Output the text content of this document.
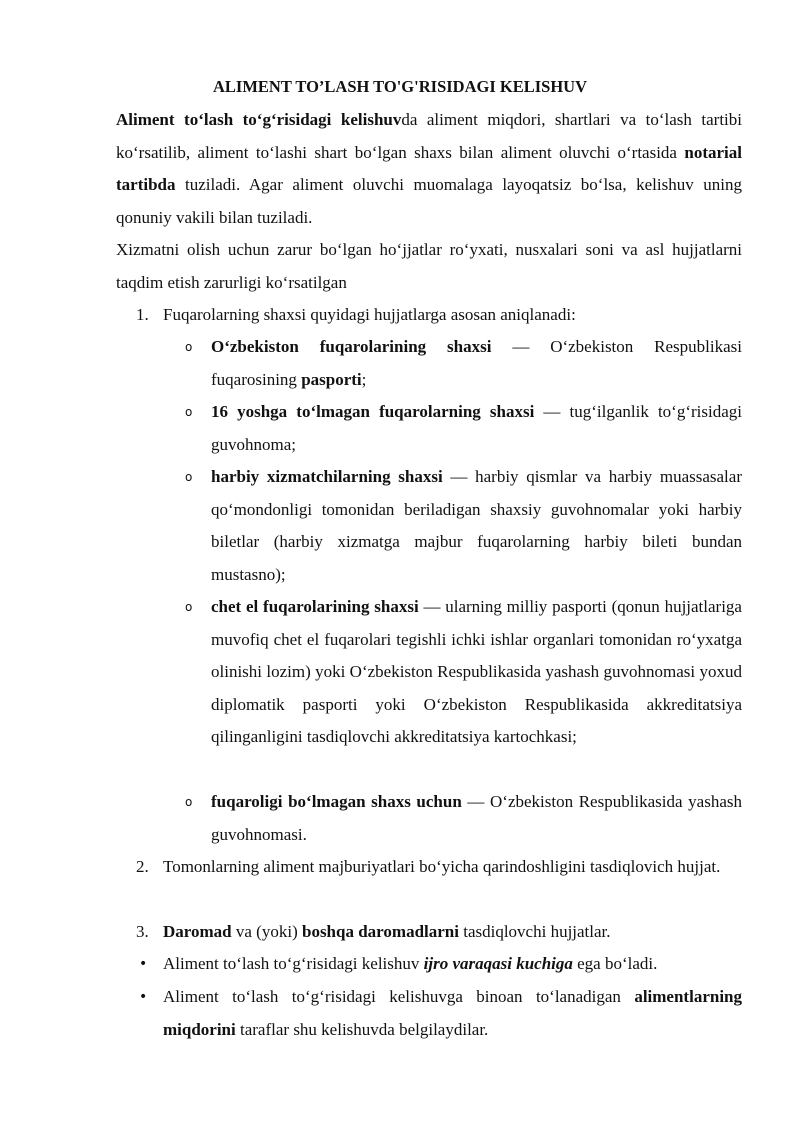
ALIMENT TO’LASH TO'G'RISIDAGI KELISHUV
Aliment to‘lash to‘g‘risidagi kelishuvda aliment miqdori, shartlari va to‘lash tartibi ko‘rsatilib, aliment to‘lashi shart bo‘lgan shaxs bilan aliment oluvchi o‘rtasida notarial tartibda tuziladi. Agar aliment oluvchi muomalaga layoqatsiz bo‘lsa, kelishuv uning qonuniy vakili bilan tuziladi.
Xizmatni olish uchun zarur bo‘lgan ho‘jjatlar ro‘yxati, nusxalari soni va asl hujjatlarni taqdim etish zarurligi ko‘rsatilgan
1. Fuqarolarning shaxsi quyidagi hujjatlarga asosan aniqlanadi:
o O‘zbekiston fuqarolarining shaxsi — O‘zbekiston Respublikasi fuqarosining pasporti;
o 16 yoshga to‘lmagan fuqarolarning shaxsi — tug‘ilganlik to‘g‘risidagi guvohnoma;
o harbiy xizmatchilarning shaxsi — harbiy qismlar va harbiy muassasalar qo‘mondonligi tomonidan beriladigan shaxsiy guvohnomalar yoki harbiy biletlar (harbiy xizmatga majbur fuqarolarning harbiy bileti bundan mustasno);
o chet el fuqarolarining shaxsi — ularning milliy pasporti (qonun hujjatlariga muvofiq chet el fuqarolari tegishli ichki ishlar organlari tomonidan ro‘yxatga olinishi lozim) yoki O‘zbekiston Respublikasida yashash guvohnomasi yoxud diplomatik pasporti yoki O‘zbekiston Respublikasida akkreditatsiya qilinganligini tasdiqlovchi akkreditatsiya kartochkasi;
o fuqaroligi bo‘lmagan shaxs uchun — O‘zbekiston Respublikasida yashash guvohnomasi.
2. Tomonlarning aliment majburiyatlari bo‘yicha qarindoshligini tasdiqlovich hujjat.
3. Daromad va (yoki) boshqa daromadlarni tasdiqlovchi hujjatlar.
• Aliment to‘lash to‘g‘risidagi kelishuv ijro varaqasi kuchiga ega bo‘ladi.
• Aliment to‘lash to‘g‘risidagi kelishuvga binoan to‘lanadigan alimentlarning miqdorini taraflar shu kelishuvda belgilaydilar.
